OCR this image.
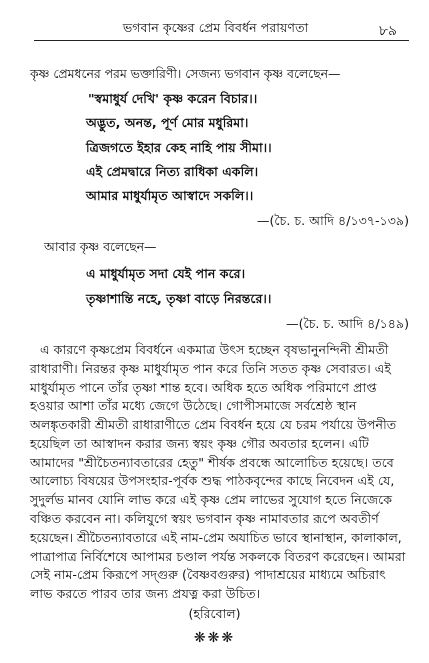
ভগবান কৃষ্ণের প্রেম বিবর্ধন পরায়ণতা	৮৯
কৃষ্ণ প্রেমধনের পরম ভক্তারিণী। সেজন্য ভগবান কৃষ্ণ বলেছেন—
"স্বমাধুর্য দেখি' কৃষ্ণ করেন বিচার।।
অদ্ভুত, অনন্ত, পূর্ণ মোর মধুরিমা।
ত্রিজগতে ইহার কেহ নাহি পায় সীমা।।
এই প্রেমদ্বারে নিত্য রাধিকা একলি।
আমার মাধুর্যামৃত আস্বাদে সকলি।।
—(চৈ. চ. আদি ৪/১৩৭-১৩৯)
আবার কৃষ্ণ বলেছেন—
এ মাধুর্যামৃত সদা যেই পান করে।
তৃষ্ণাশান্তি নহে, তৃষ্ণা বাড়ে নিরন্তরে।।
—(চৈ. চ. আদি ৪/১৪৯)
এ কারণে কৃষ্ণপ্রেম বিবর্ধনে একমাত্র উৎস হচ্ছেন বৃষভানুনন্দিনী শ্রীমতী
রাধারাণী। নিরন্তর কৃষ্ণ মাধুর্যামৃত পান করে তিনি সতত কৃষ্ণ সেবারত। এই
মাধুর্যামৃত পানে তাঁর তৃষ্ণা শান্ত হবে। অধিক হতে অধিক পরিমাণে প্রাপ্ত
হওয়ার আশা তাঁর মধ্যে জেগে উঠেছে। গোপীসমাজে সর্বশ্রেষ্ঠ স্থান
অলঙ্কৃতকারী শ্রীমতী রাধারাণীতে প্রেম বিবর্ধন হয়ে যে চরম পর্যায়ে উপনীত
হয়েছিল তা আস্বাদন করার জন্য স্বয়ং কৃষ্ণ গৌর অবতার হলেন। এটি
আমাদের "শ্রীচৈতন্যাবতারের হেতু" শীর্ষক প্রবন্ধে আলোচিত হয়েছে। তবে
আলোচ্য বিষয়ের উপসংহার-পূর্বক শুদ্ধ পাঠকবৃন্দের কাছে নিবেদন এই যে,
সুদুর্লভ মানব যোনি লাভ করে এই কৃষ্ণ প্রেম লাভের সুযোগ হতে নিজেকে
বঞ্চিত করবেন না। কলিযুগে স্বয়ং ভগবান কৃষ্ণ নামাবতার রূপে অবতীর্ণ
হয়েছেন। শ্রীচৈতন্যাবতারে এই নাম-প্রেম অযাচিত ভাবে স্থানাস্থান, কালাকাল,
পাত্রাপাত্র নির্বিশেষে আপামর চণ্ডাল পর্যন্ত সকলকে বিতরণ করেছেন। আমরা
সেই নাম-প্রেম কিরূপে সদ্গুরু (বৈষ্ণবগুরুর) পাদাশ্রয়ের মাধ্যমে অচিরাৎ
লাভ করতে পারব তার জন্য প্রযত্ন করা উচিত।
(হরিবোল)
❋❋❋
